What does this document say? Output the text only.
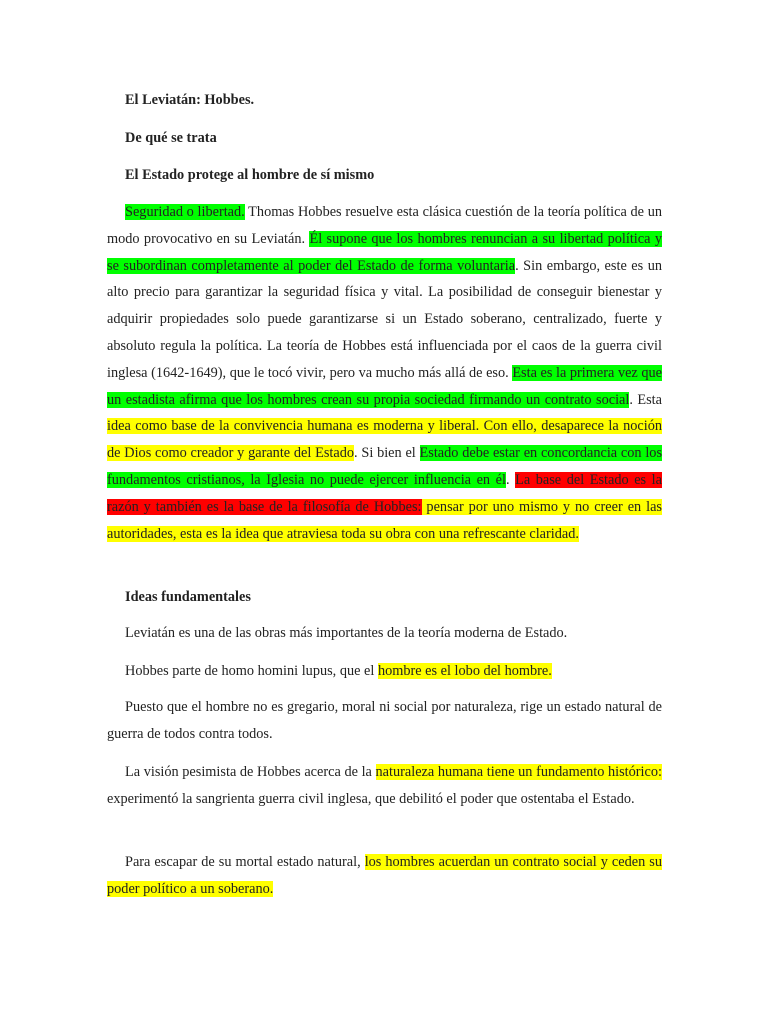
El Leviatán: Hobbes.

De qué se trata

El Estado protege al hombre de sí mismo

Seguridad o libertad. Thomas Hobbes resuelve esta clásica cuestión de la teoría política de un modo provocativo en su Leviatán. Él supone que los hombres renuncian a su libertad política y se subordinan completamente al poder del Estado de forma voluntaria. Sin embargo, este es un alto precio para garantizar la seguridad física y vital. La posibilidad de conseguir bienestar y adquirir propiedades solo puede garantizarse si un Estado soberano, centralizado, fuerte y absoluto regula la política. La teoría de Hobbes está influenciada por el caos de la guerra civil inglesa (1642-1649), que le tocó vivir, pero va mucho más allá de eso. Esta es la primera vez que un estadista afirma que los hombres crean su propia sociedad firmando un contrato social. Esta idea como base de la convivencia humana es moderna y liberal. Con ello, desaparece la noción de Dios como creador y garante del Estado. Si bien el Estado debe estar en concordancia con los fundamentos cristianos, la Iglesia no puede ejercer influencia en él. La base del Estado es la razón y también es la base de la filosofía de Hobbes: pensar por uno mismo y no creer en las autoridades, esta es la idea que atraviesa toda su obra con una refrescante claridad.

Ideas fundamentales

Leviatán es una de las obras más importantes de la teoría moderna de Estado.

Hobbes parte de homo homini lupus, que el hombre es el lobo del hombre.

Puesto que el hombre no es gregario, moral ni social por naturaleza, rige un estado natural de guerra de todos contra todos.

La visión pesimista de Hobbes acerca de la naturaleza humana tiene un fundamento histórico: experimentó la sangrienta guerra civil inglesa, que debilitó el poder que ostentaba el Estado.

Para escapar de su mortal estado natural, los hombres acuerdan un contrato social y ceden su poder político a un soberano.
